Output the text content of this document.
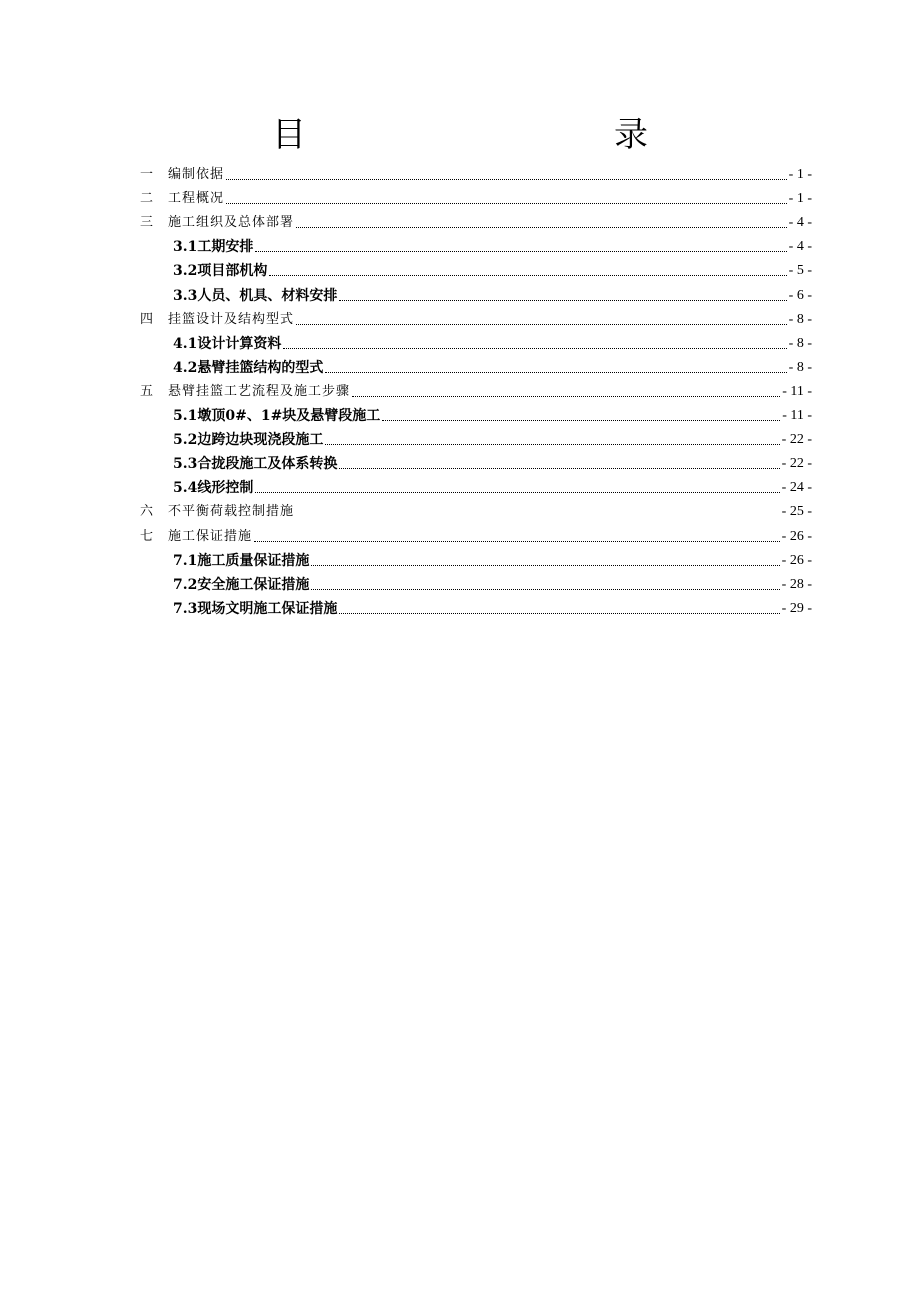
目　　录
一　编制依据	- 1 -
二　工程概况	- 1 -
三　施工组织及总体部署	- 4 -
3.1工期安排	- 4 -
3.2项目部机构	- 5 -
3.3人员、机具、材料安排	- 6 -
四　挂篮设计及结构型式	- 8 -
4.1设计计算资料	- 8 -
4.2悬臂挂篮结构的型式	- 8 -
五　悬臂挂篮工艺流程及施工步骤	- 11 -
5.1墩顶0#、1#块及悬臂段施工	- 11 -
5.2边跨边块现浇段施工	- 22 -
5.3合拢段施工及体系转换	- 22 -
5.4线形控制	- 24 -
六　不平衡荷载控制措施	- 25 -
七　施工保证措施	- 26 -
7.1施工质量保证措施	- 26 -
7.2安全施工保证措施	- 28 -
7.3现场文明施工保证措施	- 29 -
